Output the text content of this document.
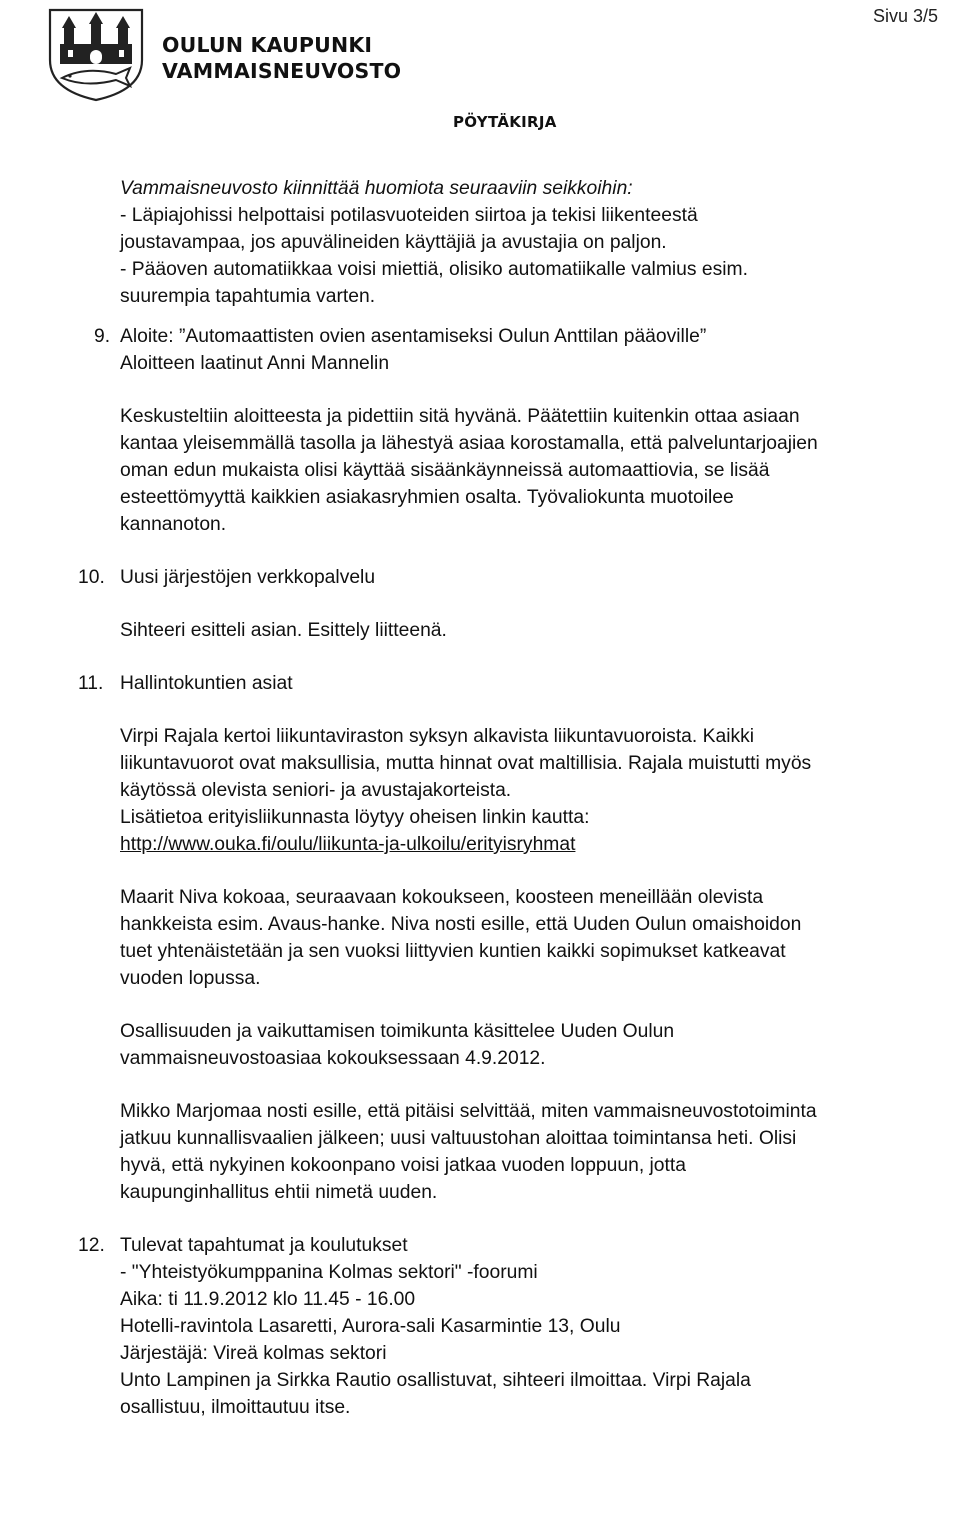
OULUN KAUPUNKI
VAMMAISNEUVOSTO
Sivu 3/5
PÖYTÄKIRJA

Vammaisneuvosto kiinnittää huomiota seuraaviin seikkoihin:

- Läpiajohissi helpottaisi potilasvuoteiden siirtoa ja tekisi liikenteestä

joustavampaa, jos apuvälineiden käyttäjiä ja avustajia on paljon.

- Pääoven automatiikkaa voisi miettiä, olisiko automatiikalle valmius esim.

suurempia tapahtumia varten.

9. Aloite: ”Automaattisten ovien asentamiseksi Oulun Anttilan pääoville”

Aloitteen laatinut Anni Mannelin

Keskusteltiin aloitteesta ja pidettiin sitä hyvänä. Päätettiin kuitenkin ottaa asiaan

kantaa yleisemmällä tasolla ja lähestyä asiaa korostamalla, että palveluntarjoajien

oman edun mukaista olisi käyttää sisäänkäynneissä automaattiovia, se lisää

esteettömyyttä kaikkien asiakasryhmien osalta. Työvaliokunta muotoilee

kannanoton.

10. Uusi järjestöjen verkkopalvelu

Sihteeri esitteli asian. Esittely liitteenä.

11. Hallintokuntien asiat

Virpi Rajala kertoi liikuntaviraston syksyn alkavista liikuntavuoroista. Kaikki

liikuntavuorot ovat maksullisia, mutta hinnat ovat maltillisia. Rajala muistutti myös

käytössä olevista seniori- ja avustajakorteista.

Lisätietoa erityisliikunnasta löytyy oheisen linkin kautta:

http://www.ouka.fi/oulu/liikunta-ja-ulkoilu/erityisryhmat

Maarit Niva kokoaa, seuraavaan kokoukseen, koosteen meneillään olevista

hankkeista esim. Avaus-hanke. Niva nosti esille, että Uuden Oulun omaishoidon

tuet yhtenäistetään ja sen vuoksi liittyvien kuntien kaikki sopimukset katkeavat

vuoden lopussa.

Osallisuuden ja vaikuttamisen toimikunta käsittelee Uuden Oulun

vammaisneuvostoasiaa kokouksessaan 4.9.2012.

Mikko Marjomaa nosti esille, että pitäisi selvittää, miten vammaisneuvostotoiminta

jatkuu kunnallisvaalien jälkeen; uusi valtuustohan aloittaa toimintansa heti. Olisi

hyvä, että nykyinen kokoonpano voisi jatkaa vuoden loppuun, jotta

kaupunginhallitus ehtii nimetä uuden.

12. Tulevat tapahtumat ja koulutukset

- "Yhteistyökumppanina Kolmas sektori" -foorumi

Aika: ti 11.9.2012 klo 11.45 - 16.00

Hotelli-ravintola Lasaretti, Aurora-sali Kasarmintie 13, Oulu

Järjestäjä: Vireä kolmas sektori

Unto Lampinen ja Sirkka Rautio osallistuvat, sihteeri ilmoittaa. Virpi Rajala

osallistuu, ilmoittautuu itse.
